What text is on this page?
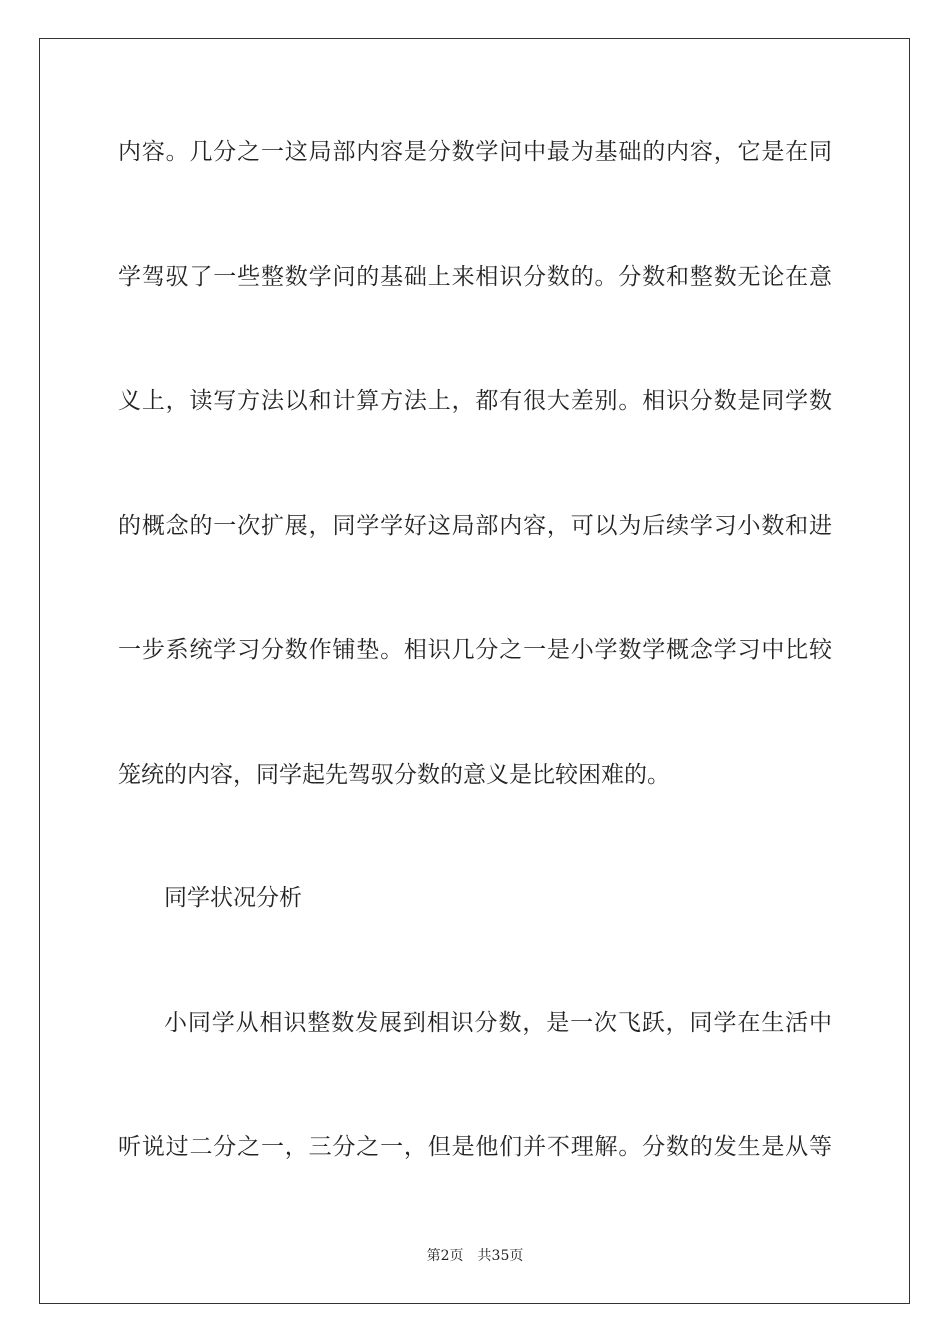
内容。几分之一这局部内容是分数学问中最为基础的内容，它是在同
学驾驭了一些整数学问的基础上来相识分数的。分数和整数无论在意
义上，读写方法以和计算方法上，都有很大差别。相识分数是同学数
的概念的一次扩展，同学学好这局部内容，可以为后续学习小数和进
一步系统学习分数作铺垫。相识几分之一是小学数学概念学习中比较
笼统的内容，同学起先驾驭分数的意义是比较困难的。
同学状况分析
小同学从相识整数发展到相识分数，是一次飞跃，同学在生活中
听说过二分之一，三分之一，但是他们并不理解。分数的发生是从等
第2页 共35页
